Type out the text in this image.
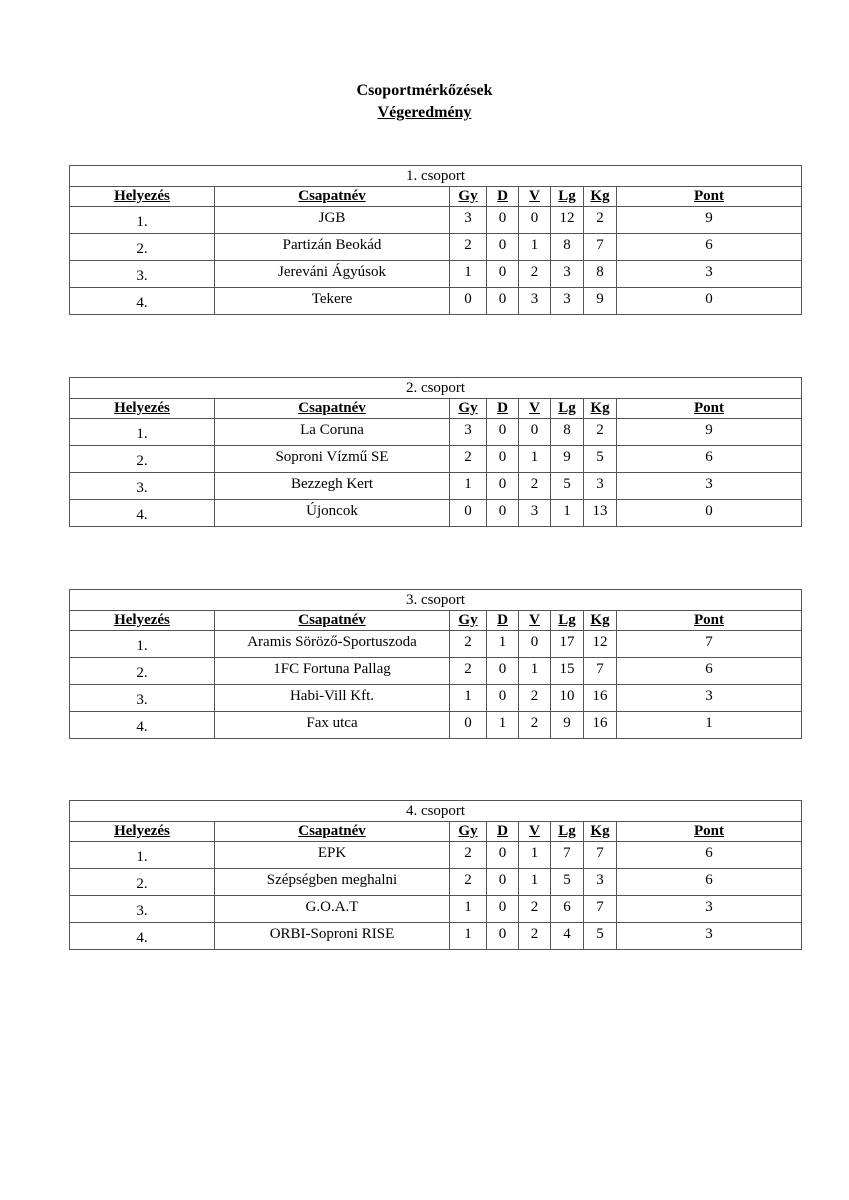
Csoportmérkőzések
Végeredmény
1. csoport							
Helyezés	Csapatnév	Gy	D	V	Lg	Kg	Pont
1.	JGB	3	0	0	12	2	9
2.	Partizán Beokád	2	0	1	8	7	6
3.	Jereváni Ágyúsok	1	0	2	3	8	3
4.	Tekere	0	0	3	3	9	0
2. csoport							
Helyezés	Csapatnév	Gy	D	V	Lg	Kg	Pont
1.	La Coruna	3	0	0	8	2	9
2.	Soproni Vízmű SE	2	0	1	9	5	6
3.	Bezzegh Kert	1	0	2	5	3	3
4.	Újoncok	0	0	3	1	13	0
3. csoport							
Helyezés	Csapatnév	Gy	D	V	Lg	Kg	Pont
1.	Aramis Söröző-Sportuszoda	2	1	0	17	12	7
2.	1FC Fortuna Pallag	2	0	1	15	7	6
3.	Habi-Vill Kft.	1	0	2	10	16	3
4.	Fax utca	0	1	2	9	16	1
4. csoport							
Helyezés	Csapatnév	Gy	D	V	Lg	Kg	Pont
1.	EPK	2	0	1	7	7	6
2.	Szépségben meghalni	2	0	1	5	3	6
3.	G.O.A.T	1	0	2	6	7	3
4.	ORBI-Soproni RISE	1	0	2	4	5	3
